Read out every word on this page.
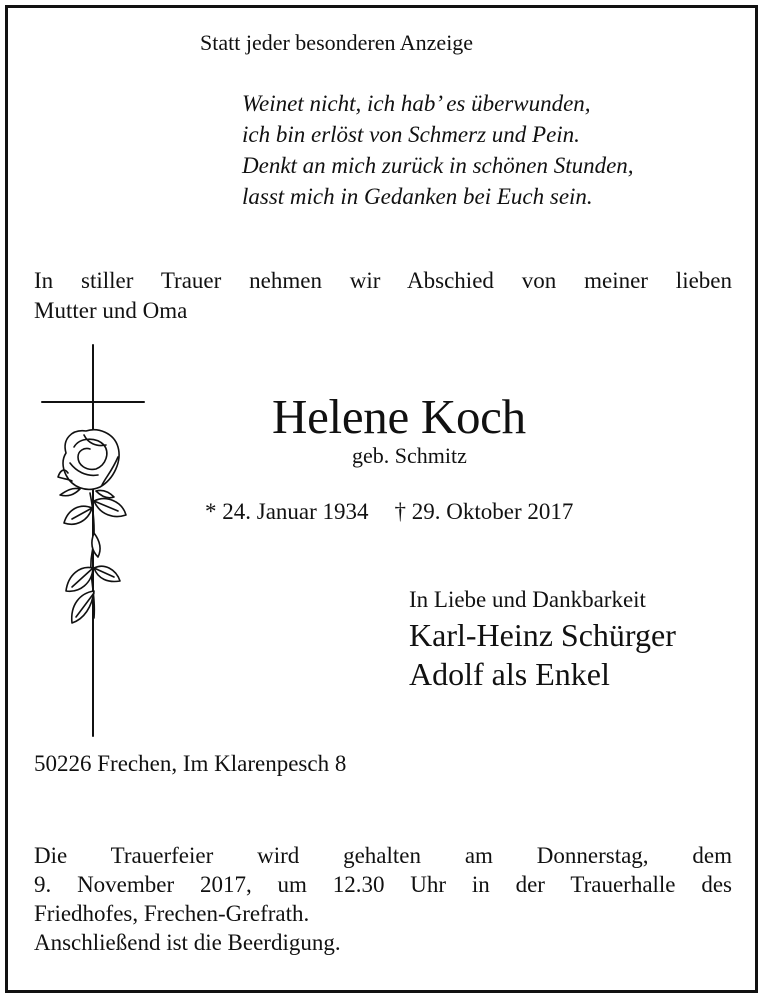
Statt jeder besonderen Anzeige
Weinet nicht, ich hab’ es überwunden,
ich bin erlöst von Schmerz und Pein.
Denkt an mich zurück in schönen Stunden,
lasst mich in Gedanken bei Euch sein.
In stiller Trauer nehmen wir Abschied von meiner lieben
Mutter und Oma
Helene Koch
geb. Schmitz
* 24. Januar 1934 † 29. Oktober 2017
In Liebe und Dankbarkeit
Karl-Heinz Schürger
Adolf als Enkel
50226 Frechen, Im Klarenpesch 8
Die Trauerfeier wird gehalten am Donnerstag, dem
9. November 2017, um 12.30 Uhr in der Trauerhalle des
Friedhofes, Frechen-Grefrath.
Anschließend ist die Beerdigung.
